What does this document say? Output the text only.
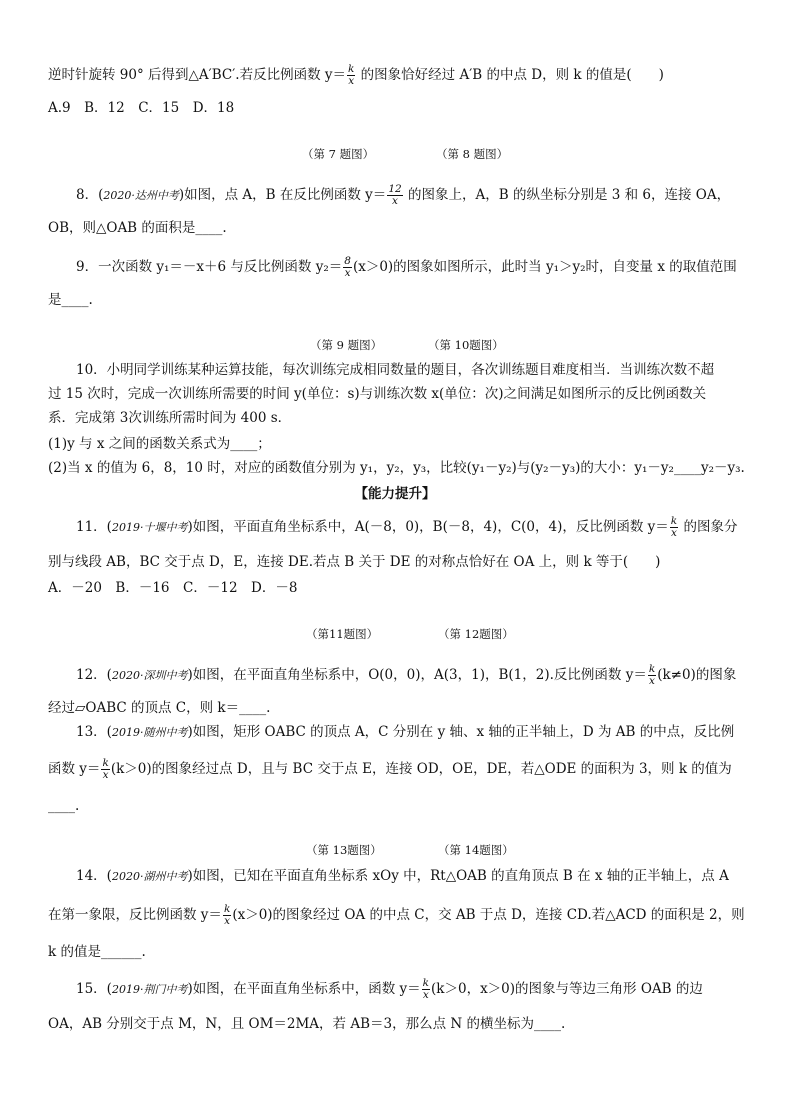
逆时针旋转 90° 后得到△A′BC′.若反比例函数 $y= \frac{k}{x}$ 的图象恰好经过 A′B 的中点 D，则 k 的值是(　　)
A.9　B．12　C．15　D．18
（第 7 题图）	（第 8 题图）
8．(2020·达州中考)如图，点 A，B 在反比例函数 $y= \frac{12}{x}$ 的图象上，A，B 的纵坐标分别是 3 和 6，连接 OA，
OB，则△OAB 的面积是____.
9．一次函数 y₁＝－x＋6 与反比例函数 $y_2= \frac{8}{x} (x>0)$的图象如图所示，此时当 y₁＞y₂时，自变量 x 的取值范围
是____.
（第 9 题图）	（第 10题图）
10．小明同学训练某种运算技能，每次训练完成相同数量的题目，各次训练题目难度相当．当训练次数不超
过 15 次时，完成一次训练所需要的时间 y(单位：s)与训练次数 x(单位：次)之间满足如图所示的反比例函数关
系．完成第 3次训练所需时间为 400 s．
(1)y 与 x 之间的函数关系式为____；
(2)当 x 的值为 6，8，10 时，对应的函数值分别为 y₁，y₂，y₃，比较(y₁－y₂)与(y₂－y₃)的大小：y₁－y₂____y₂－y₃.
【能力提升】
11．(2019·十堰中考)如图，平面直角坐标系中，A(－8，0)，B(－8，4)，C(0，4)，反比例函数 $y= \frac{k}{x}$ 的图象分
别与线段 AB，BC 交于点 D，E，连接 DE.若点 B 关于 DE 的对称点恰好在 OA 上，则 k 等于(　　)
A．－20　B．－16　C．－12　D．－8
（第11题图）	（第 12题图）
12．(2020·深圳中考)如图，在平面直角坐标系中，O(0，0)，A(3，1)，B(1，2).反比例函数 $y= \frac{k}{x} (k\ne 0)$的图象
经过▱OABC 的顶点 C，则 k＝____.
13．(2019·随州中考)如图，矩形 OABC 的顶点 A，C 分别在 y 轴、x 轴的正半轴上，D 为 AB 的中点，反比例
函数 $y= \frac{k}{x} (k>0)$的图象经过点 D，且与 BC 交于点 E，连接 OD，OE，DE，若△ODE 的面积为 3，则 k 的值为
____.
（第 13题图）	（第 14题图）
14．(2020·湖州中考)如图，已知在平面直角坐标系 xOy 中，Rt△OAB 的直角顶点 B 在 x 轴的正半轴上，点 A
在第一象限，反比例函数 $y= \frac{k}{x} (x>0)$的图象经过 OA 的中点 C，交 AB 于点 D，连接 CD.若△ACD 的面积是 2，则
k 的值是______.
15．(2019·荆门中考)如图，在平面直角坐标系中，函数 $y= \frac{k}{x} (k>0$，x＞0)的图象与等边三角形 OAB 的边
OA，AB 分别交于点 M，N，且 OM＝2MA，若 AB＝3，那么点 N 的横坐标为____.
